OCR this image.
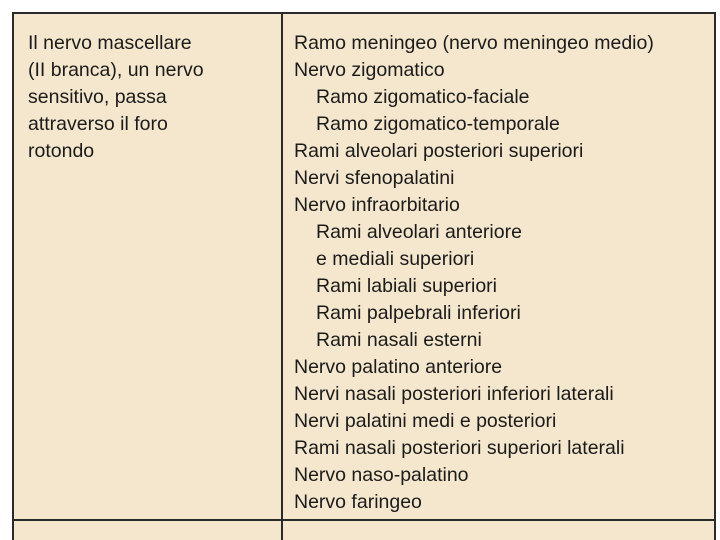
Il nervo mascellare
(II branca), un nervo
sensitivo, passa
attraverso il foro
rotondo
Ramo meningeo (nervo meningeo medio)
Nervo zigomatico
Ramo zigomatico-faciale
Ramo zigomatico-temporale
Rami alveolari posteriori superiori
Nervi sfenopalatini
Nervo infraorbitario
Rami alveolari anteriore
e mediali superiori
Rami labiali superiori
Rami palpebrali inferiori
Rami nasali esterni
Nervo palatino anteriore
Nervi nasali posteriori inferiori laterali
Nervi palatini medi e posteriori
Rami nasali posteriori superiori laterali
Nervo naso-palatino
Nervo faringeo
